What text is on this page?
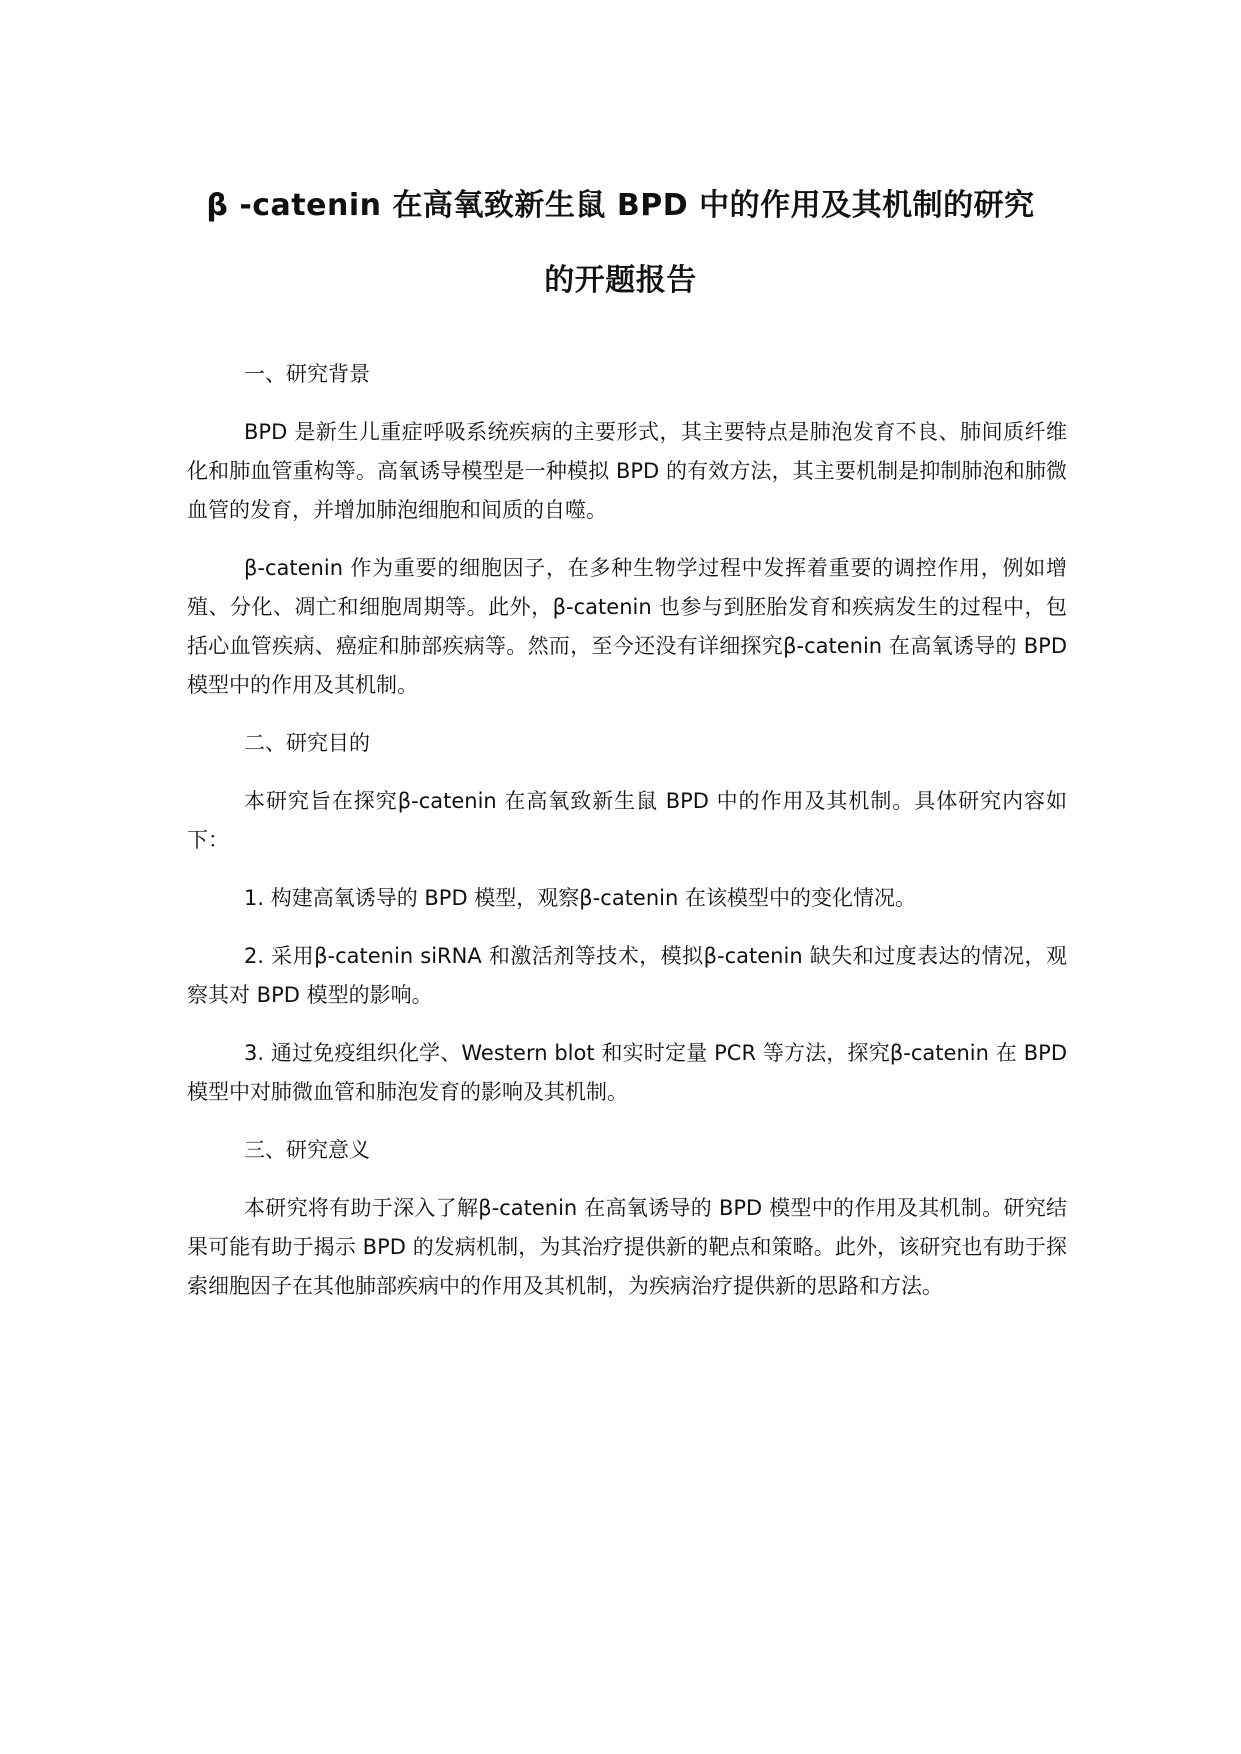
β -catenin 在高氧致新生鼠 BPD 中的作用及其机制的研究
的开题报告

一、研究背景

BPD 是新生儿重症呼吸系统疾病的主要形式，其主要特点是肺泡发育不良、肺间质纤维化和肺血管重构等。高氧诱导模型是一种模拟 BPD 的有效方法，其主要机制是抑制肺泡和肺微血管的发育，并增加肺泡细胞和间质的自噬。

β-catenin 作为重要的细胞因子，在多种生物学过程中发挥着重要的调控作用，例如增殖、分化、凋亡和细胞周期等。此外，β-catenin 也参与到胚胎发育和疾病发生的过程中，包括心血管疾病、癌症和肺部疾病等。然而，至今还没有详细探究β-catenin 在高氧诱导的 BPD 模型中的作用及其机制。

二、研究目的

本研究旨在探究β-catenin 在高氧致新生鼠 BPD 中的作用及其机制。具体研究内容如下：

1. 构建高氧诱导的 BPD 模型，观察β-catenin 在该模型中的变化情况。

2. 采用β-catenin siRNA 和激活剂等技术，模拟β-catenin 缺失和过度表达的情况，观察其对 BPD 模型的影响。

3. 通过免疫组织化学、Western blot 和实时定量 PCR 等方法，探究β-catenin 在 BPD 模型中对肺微血管和肺泡发育的影响及其机制。

三、研究意义

本研究将有助于深入了解β-catenin 在高氧诱导的 BPD 模型中的作用及其机制。研究结果可能有助于揭示 BPD 的发病机制，为其治疗提供新的靶点和策略。此外，该研究也有助于探索细胞因子在其他肺部疾病中的作用及其机制，为疾病治疗提供新的思路和方法。
